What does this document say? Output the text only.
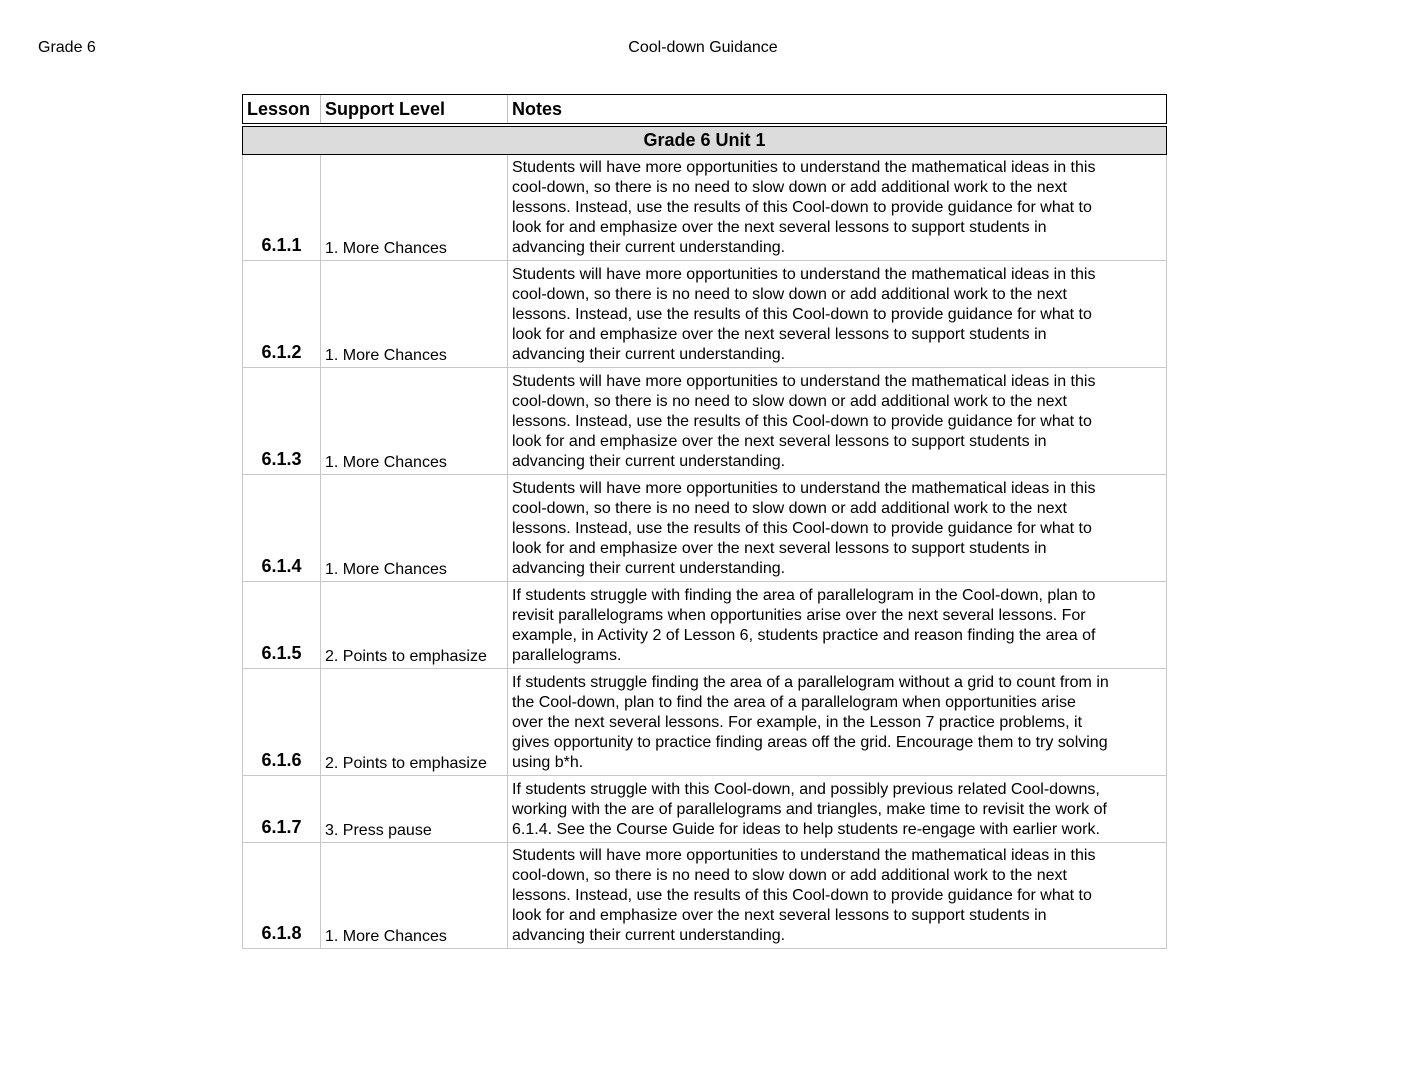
Grade 6	Cool-down Guidance
Lesson Support Level	Notes
Grade 6 Unit 1
6.1.1	1. More Chances
Students will have more opportunities to understand the mathematical ideas in this
cool-down, so there is no need to slow down or add additional work to the next
lessons. Instead, use the results of this Cool-down to provide guidance for what to
look for and emphasize over the next several lessons to support students in
advancing their current understanding.
6.1.2	1. More Chances
Students will have more opportunities to understand the mathematical ideas in this
cool-down, so there is no need to slow down or add additional work to the next
lessons. Instead, use the results of this Cool-down to provide guidance for what to
look for and emphasize over the next several lessons to support students in
advancing their current understanding.
6.1.3	1. More Chances
Students will have more opportunities to understand the mathematical ideas in this
cool-down, so there is no need to slow down or add additional work to the next
lessons. Instead, use the results of this Cool-down to provide guidance for what to
look for and emphasize over the next several lessons to support students in
advancing their current understanding.
6.1.4	1. More Chances
Students will have more opportunities to understand the mathematical ideas in this
cool-down, so there is no need to slow down or add additional work to the next
lessons. Instead, use the results of this Cool-down to provide guidance for what to
look for and emphasize over the next several lessons to support students in
advancing their current understanding.
6.1.5	2. Points to emphasize
If students struggle with finding the area of parallelogram in the Cool-down, plan to
revisit parallelograms when opportunities arise over the next several lessons. For
example, in Activity 2 of Lesson 6, students practice and reason finding the area of
parallelograms.
6.1.6	2. Points to emphasize
If students struggle finding the area of a parallelogram without a grid to count from in
the Cool-down, plan to find the area of a parallelogram when opportunities arise
over the next several lessons. For example, in the Lesson 7 practice problems, it
gives opportunity to practice finding areas off the grid. Encourage them to try solving
using b*h.
6.1.7	3. Press pause
If students struggle with this Cool-down, and possibly previous related Cool-downs,
working with the are of parallelograms and triangles, make time to revisit the work of
6.1.4. See the Course Guide for ideas to help students re-engage with earlier work.
6.1.8	1. More Chances
Students will have more opportunities to understand the mathematical ideas in this
cool-down, so there is no need to slow down or add additional work to the next
lessons. Instead, use the results of this Cool-down to provide guidance for what to
look for and emphasize over the next several lessons to support students in
advancing their current understanding.
